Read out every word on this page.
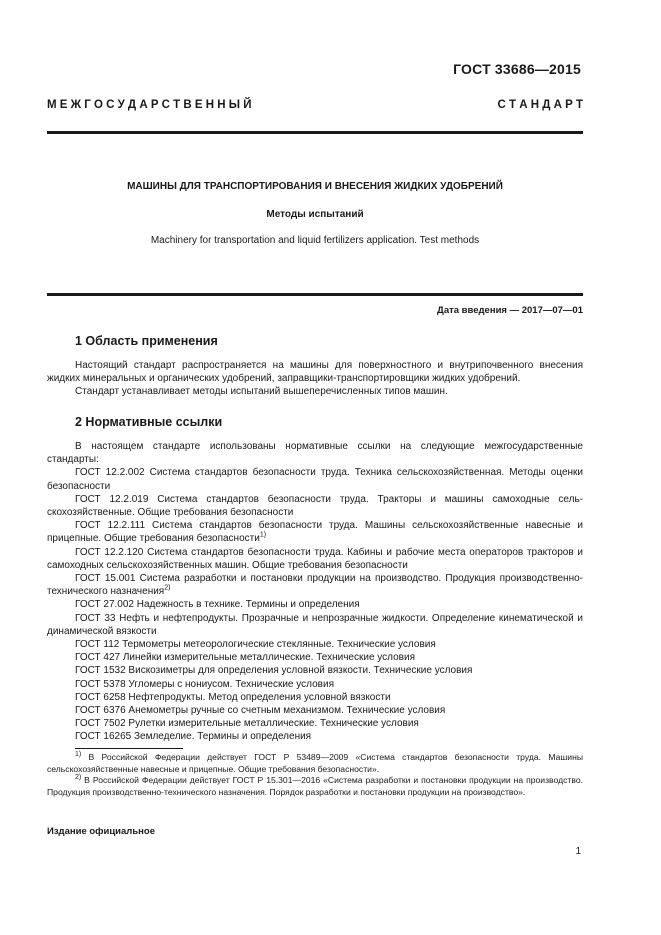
ГОСТ 33686—2015
М Е Ж Г О С У Д А Р С Т В Е Н Н Ы Й	С Т А Н Д А Р Т
МАШИНЫ ДЛЯ ТРАНСПОРТИРОВАНИЯ И ВНЕСЕНИЯ ЖИДКИХ УДОБРЕНИЙ
Методы испытаний
Machinery for transportation and liquid fertilizers application. Test methods
Дата введения — 2017—07—01
1 Область применения

Настоящий стандарт распространяется на машины для поверхностного и внутрипочвенного внесения жидких минеральных и органических удобрений, заправщики-транспортировщики жидких удобрений.

Стандарт устанавливает методы испытаний вышеперечисленных типов машин.

2 Нормативные ссылки

В настоящем стандарте использованы нормативные ссылки на следующие межгосударственные стандарты:

ГОСТ 12.2.002 Система стандартов безопасности труда. Техника сельскохозяйственная. Методы оценки безопасности

ГОСТ 12.2.019 Система стандартов безопасности труда. Тракторы и машины самоходные сельскохозяйственные. Общие требования безопасности

ГОСТ 12.2.111 Система стандартов безопасности труда. Машины сельскохозяйственные навесные и прицепные. Общие требования безопасности$^{1)}$

ГОСТ 12.2.120 Система стандартов безопасности труда. Кабины и рабочие места операторов тракторов и самоходных сельскохозяйственных машин. Общие требования безопасности

ГОСТ 15.001 Система разработки и постановки продукции на производство. Продукция производственно-технического назначения$^{2)}$

ГОСТ 27.002 Надежность в технике. Термины и определения

ГОСТ 33 Нефть и нефтепродукты. Прозрачные и непрозрачные жидкости. Определение кинематической и динамической вязкости

ГОСТ 112 Термометры метеорологические стеклянные. Технические условия

ГОСТ 427 Линейки измерительные металлические. Технические условия

ГОСТ 1532 Вискозиметры для определения условной вязкости. Технические условия

ГОСТ 5378 Угломеры с нониусом. Технические условия

ГОСТ 6258 Нефтепродукты. Метод определения условной вязкости

ГОСТ 6376 Анемометры ручные со счетным механизмом. Технические условия

ГОСТ 7502 Рулетки измерительные металлические. Технические условия

ГОСТ 16265 Земледелие. Термины и определения

$^{1)}$ В Российской Федерации действует ГОСТ Р 53489—2009 «Система стандартов безопасности труда. Машины сельскохозяйственные навесные и прицепные. Общие требования безопасности».

$^{2)}$ В Российской Федерации действует ГОСТ Р 15.301—2016 «Система разработки и постановки продукции на производство. Продукция производственно-технического назначения. Порядок разработки и постановки продукции на производство».

Издание официальное
1
